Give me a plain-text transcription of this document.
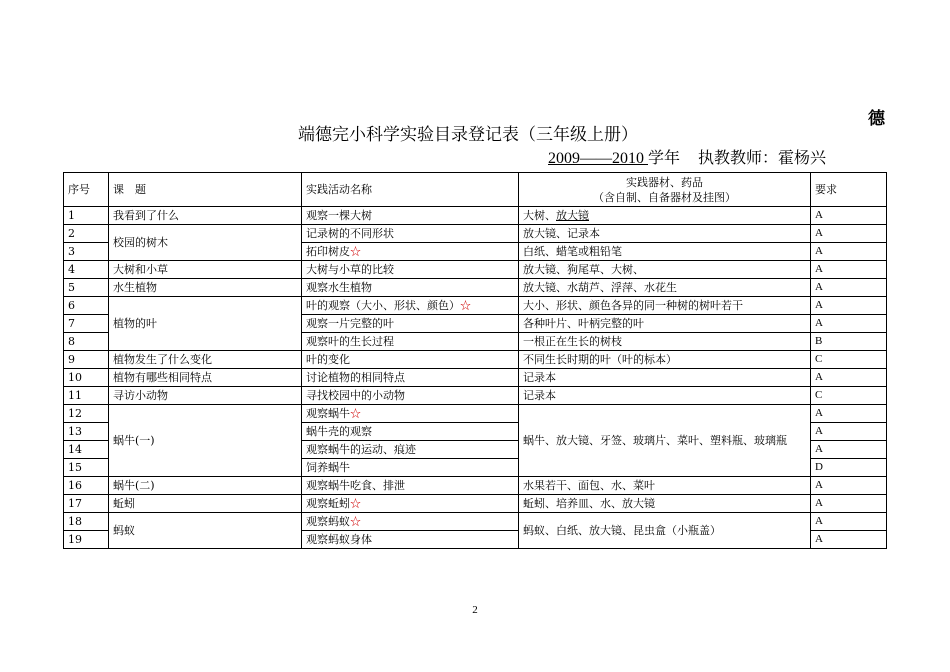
德
端德完小科学实验目录登记表（三年级上册）
2009——2010 学年 执教教师：霍杨兴
序号	课　题	实践活动名称	实践器材、药品
（含自制、自备器材及挂图）	要求
1	我看到了什么	观察一棵大树	大树、放大镜	A
2	校园的树木	记录树的不同形状	放大镜、记录本	A
3		拓印树皮☆	白纸、蜡笔或粗铅笔	A
4	大树和小草	大树与小草的比较	放大镜、狗尾草、大树、	A
5	水生植物	观察水生植物	放大镜、水葫芦、浮萍、水花生	A
6	植物的叶	叶的观察（大小、形状、颜色）☆	大小、形状、颜色各异的同一种树的树叶若干	A
7		观察一片完整的叶	各种叶片、叶柄完整的叶	A
8		观察叶的生长过程	一根正在生长的树枝	B
9	植物发生了什么变化	叶的变化	不同生长时期的叶（叶的标本）	C
10	植物有哪些相同特点	讨论植物的相同特点	记录本	A
11	寻访小动物	寻找校园中的小动物	记录本	C
12	蜗牛(一)	观察蜗牛☆	蜗牛、放大镜、牙签、玻璃片、菜叶、塑料瓶、玻璃瓶	A
13		蜗牛壳的观察		A
14		观察蜗牛的运动、痕迹		A
15		饲养蜗牛		D
16	蜗牛(二)	观察蜗牛吃食、排泄	水果若干、面包、水、菜叶	A
17	蚯蚓	观察蚯蚓☆	蚯蚓、培养皿、水、放大镜	A
18	蚂蚁	观察蚂蚁☆	蚂蚁、白纸、放大镜、昆虫盒（小瓶盖）	A
19		观察蚂蚁身体		A
2
